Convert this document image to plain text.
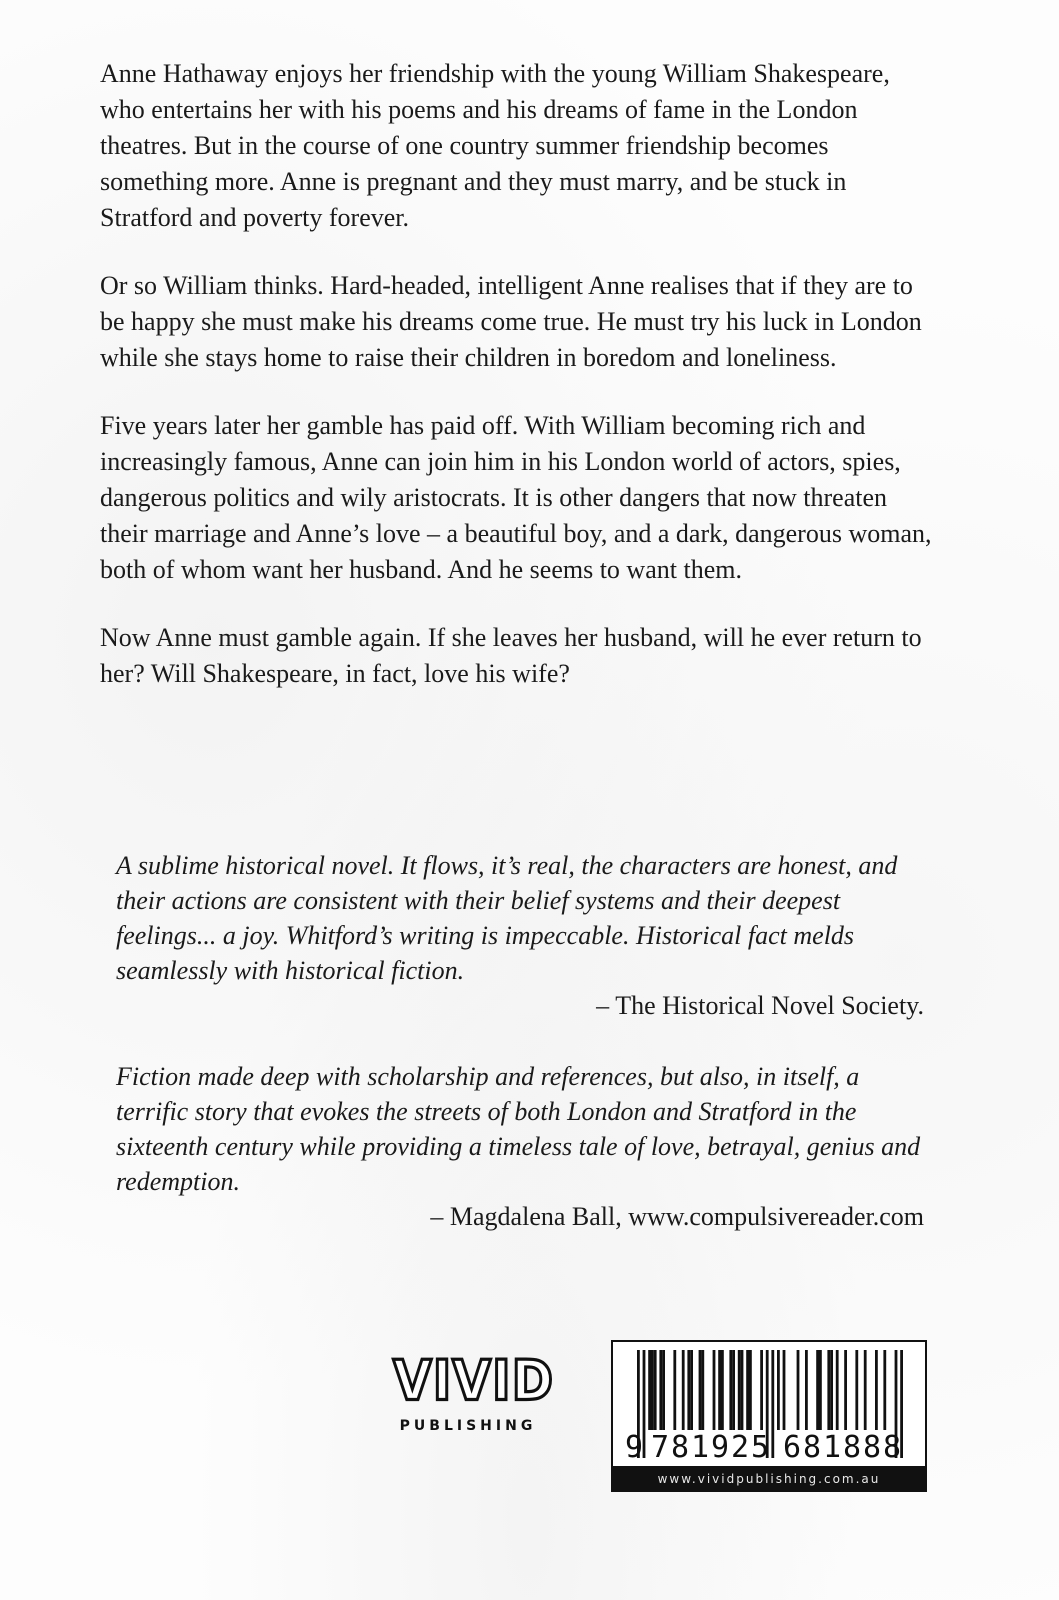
Anne Hathaway enjoys her friendship with the young William Shakespeare, who entertains her with his poems and his dreams of fame in the London theatres. But in the course of one country summer friendship becomes something more. Anne is pregnant and they must marry, and be stuck in Stratford and poverty forever.

Or so William thinks. Hard-headed, intelligent Anne realises that if they are to be happy she must make his dreams come true. He must try his luck in London while she stays home to raise their children in boredom and loneliness.

Five years later her gamble has paid off. With William becoming rich and increasingly famous, Anne can join him in his London world of actors, spies, dangerous politics and wily aristocrats. It is other dangers that now threaten their marriage and Anne’s love – a beautiful boy, and a dark, dangerous woman, both of whom want her husband. And he seems to want them.

Now Anne must gamble again. If she leaves her husband, will he ever return to her? Will Shakespeare, in fact, love his wife?

A sublime historical novel. It flows, it’s real, the characters are honest, and their actions are consistent with their belief systems and their deepest feelings... a joy. Whitford’s writing is impeccable. Historical fact melds seamlessly with historical fiction.

– The Historical Novel Society.

Fiction made deep with scholarship and references, but also, in itself, a terrific story that evokes the streets of both London and Stratford in the sixteenth century while providing a timeless tale of love, betrayal, genius and redemption.

– Magdalena Ball, www.compulsivereader.com

VIVID
PUBLISHING
9 781925 681888
www.vividpublishing.com.au
